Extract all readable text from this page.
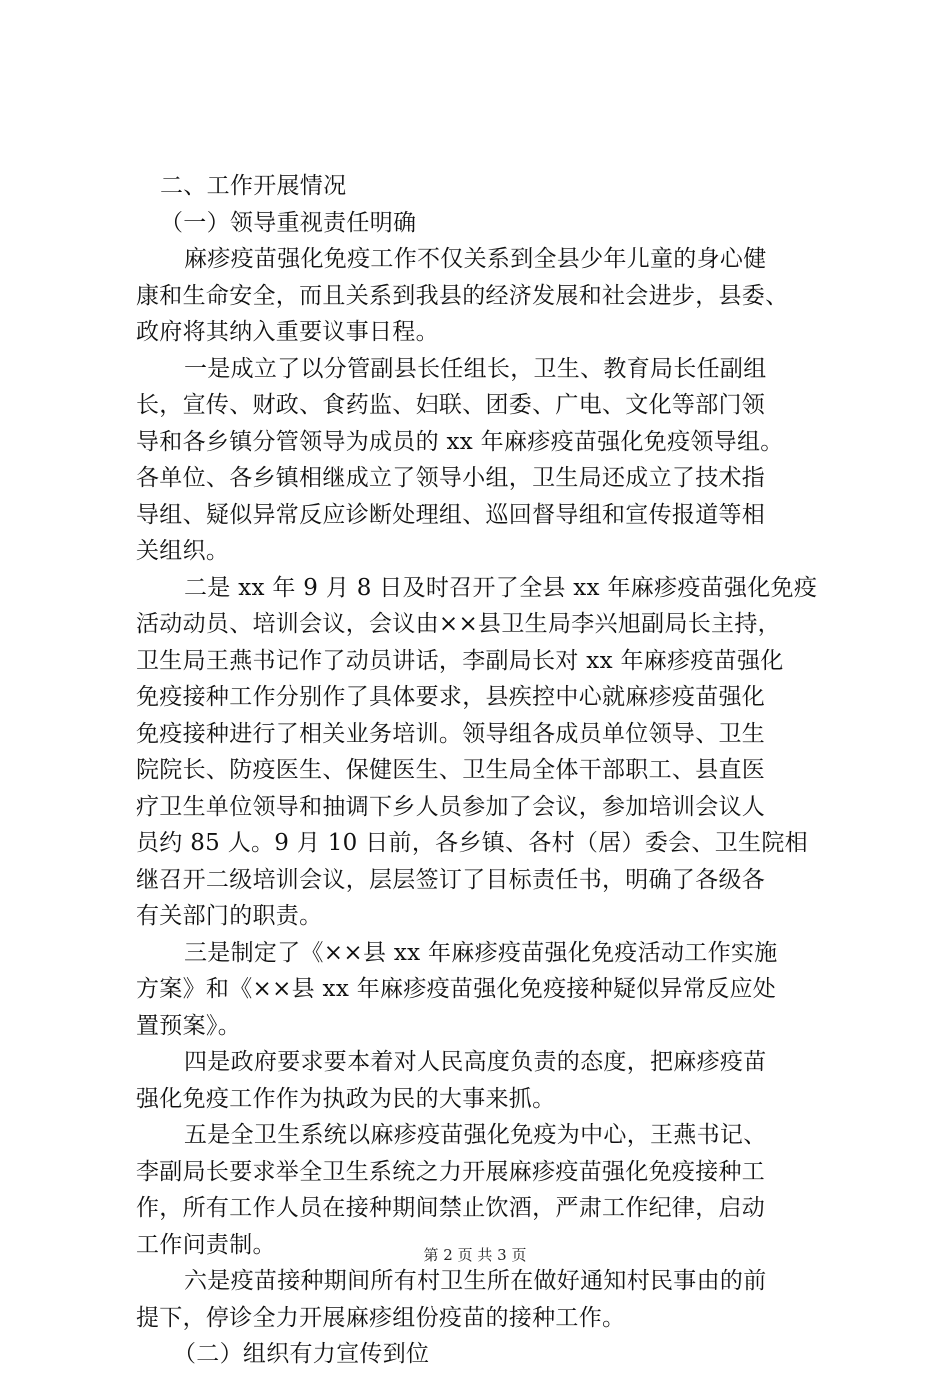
二、工作开展情况
（一）领导重视责任明确
麻疹疫苗强化免疫工作不仅关系到全县少年儿童的身心健
康和生命安全，而且关系到我县的经济发展和社会进步，县委、
政府将其纳入重要议事日程。
一是成立了以分管副县长任组长，卫生、教育局长任副组
长，宣传、财政、食药监、妇联、团委、广电、文化等部门领
导和各乡镇分管领导为成员的 xx 年麻疹疫苗强化免疫领导组。
各单位、各乡镇相继成立了领导小组，卫生局还成立了技术指
导组、疑似异常反应诊断处理组、巡回督导组和宣传报道等相
关组织。
二是 xx 年 9 月 8 日及时召开了全县 xx 年麻疹疫苗强化免疫
活动动员、培训会议，会议由××县卫生局李兴旭副局长主持，
卫生局王燕书记作了动员讲话，李副局长对 xx 年麻疹疫苗强化
免疫接种工作分别作了具体要求，县疾控中心就麻疹疫苗强化
免疫接种进行了相关业务培训。领导组各成员单位领导、卫生
院院长、防疫医生、保健医生、卫生局全体干部职工、县直医
疗卫生单位领导和抽调下乡人员参加了会议，参加培训会议人
员约 85 人。9 月 10 日前，各乡镇、各村（居）委会、卫生院相
继召开二级培训会议，层层签订了目标责任书，明确了各级各
有关部门的职责。
三是制定了《××县 xx 年麻疹疫苗强化免疫活动工作实施
方案》和《××县 xx 年麻疹疫苗强化免疫接种疑似异常反应处
置预案》。
四是政府要求要本着对人民高度负责的态度，把麻疹疫苗
强化免疫工作作为执政为民的大事来抓。
五是全卫生系统以麻疹疫苗强化免疫为中心，王燕书记、
李副局长要求举全卫生系统之力开展麻疹疫苗强化免疫接种工
作，所有工作人员在接种期间禁止饮酒，严肃工作纪律，启动
工作问责制。
六是疫苗接种期间所有村卫生所在做好通知村民事由的前
提下，停诊全力开展麻疹组份疫苗的接种工作。
（二）组织有力宣传到位
第 2 页 共 3 页
